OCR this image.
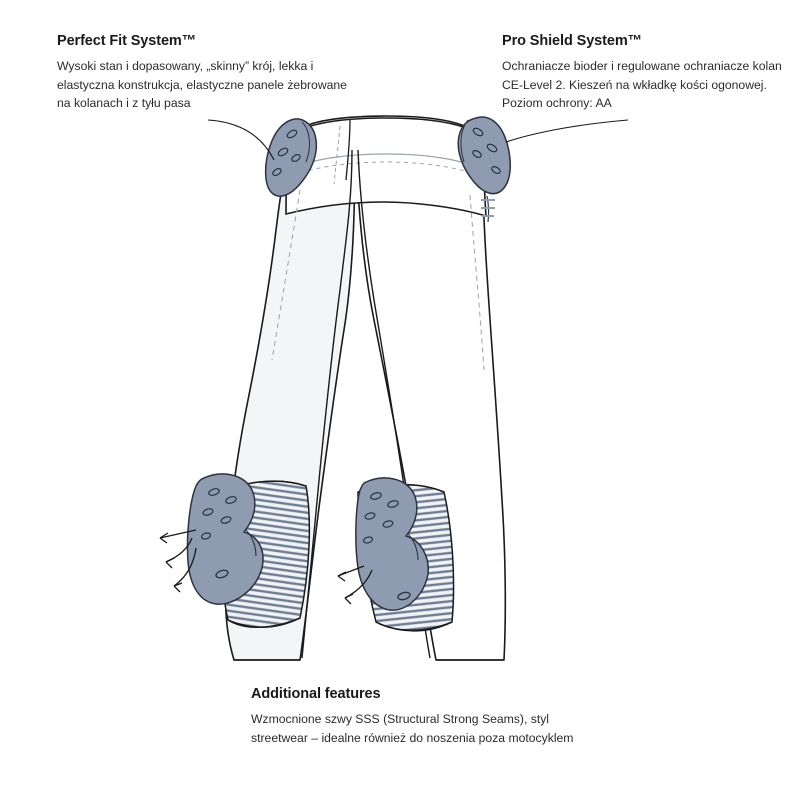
Perfect Fit System™

Wysoki stan i dopasowany, „skinny” krój, lekka i elastyczna konstrukcja, elastyczne panele żebrowane na kolanach i z tyłu pasa

Pro Shield System™

Ochraniacze bioder i regulowane ochraniacze kolan CE-Level 2. Kieszeń na wkładkę kości ogonowej. Poziom ochrony: AA

Additional features

Wzmocnione szwy SSS (Structural Strong Seams), styl streetwear – idealne również do noszenia poza motocyklem
